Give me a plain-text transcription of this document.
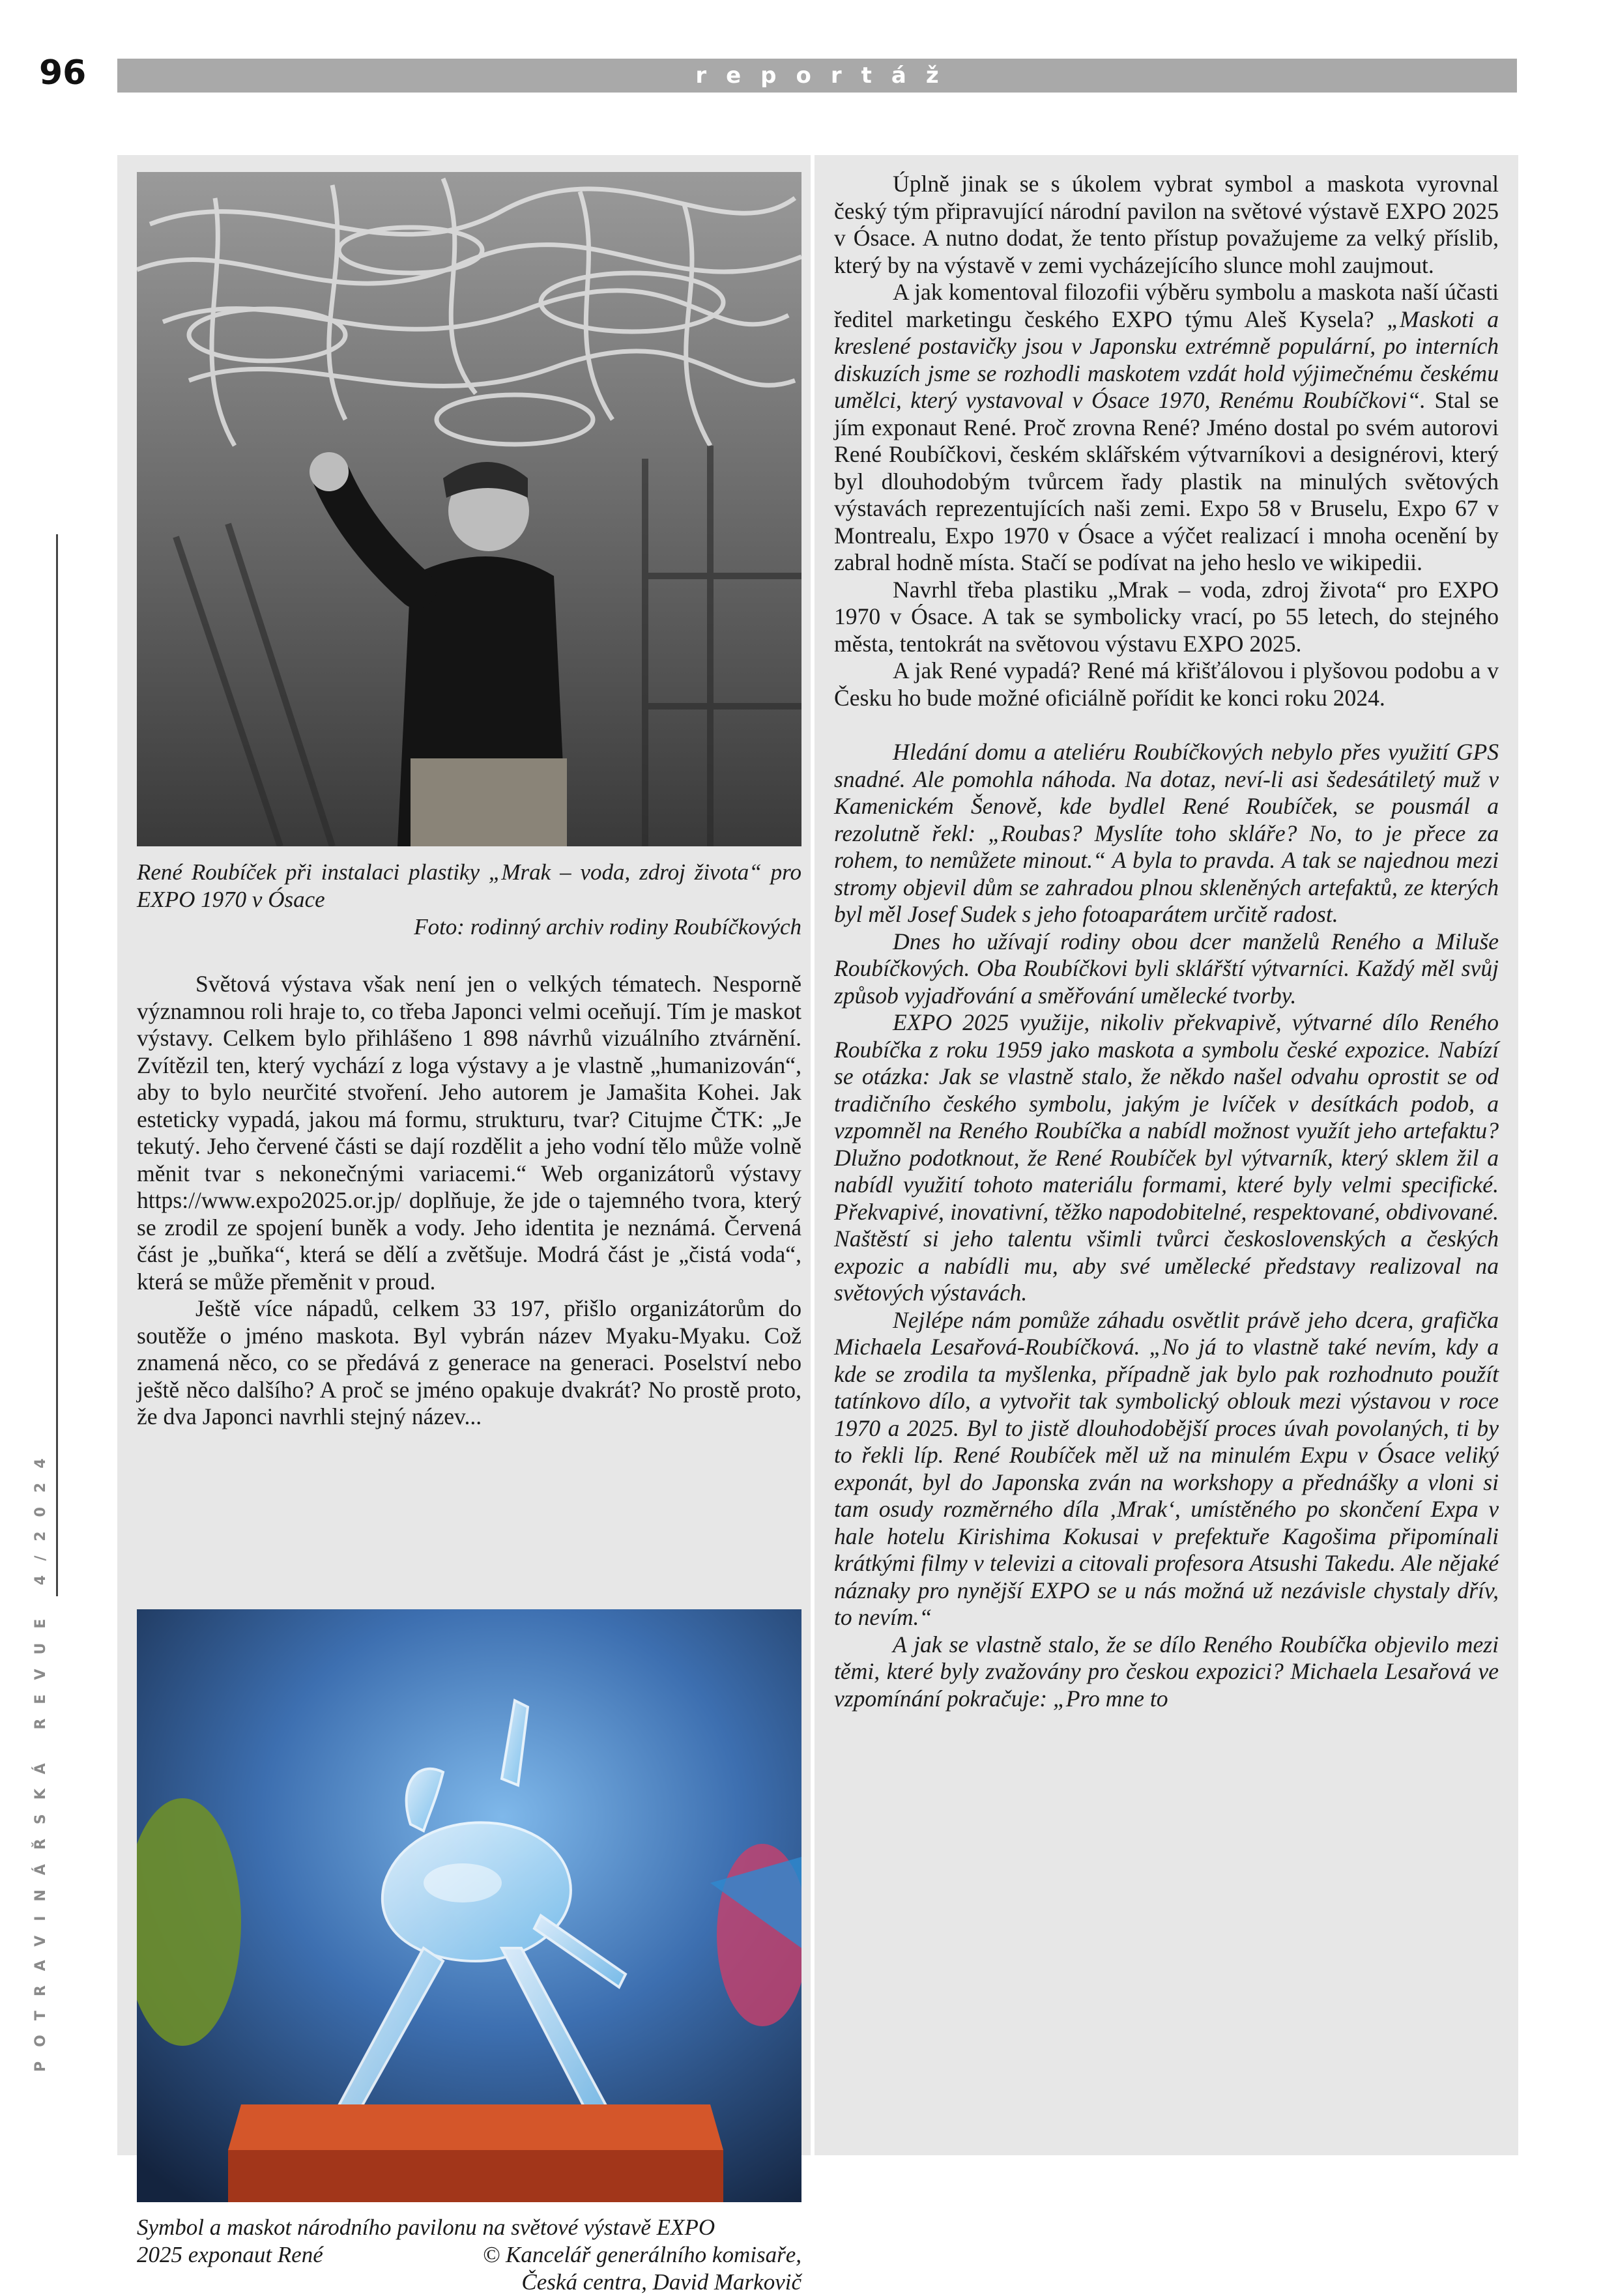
96	reportáž
POTRAVINÁŘSKÁ REVUE 4/2024

René Roubíček při instalaci plastiky „Mrak – voda, zdroj života“ pro EXPO 1970 v Ósace

Foto: rodinný archiv rodiny Roubíčkových

Světová výstava však není jen o velkých tématech. Nesporně významnou roli hraje to, co třeba Japonci velmi oceňují. Tím je maskot výstavy. Celkem bylo přihlášeno 1 898 návrhů vizuálního ztvárnění. Zvítězil ten, který vychází z loga výstavy a je vlastně „humanizován“, aby to bylo neurčité stvoření. Jeho autorem je Jamašita Kohei. Jak esteticky vypadá, jakou má formu, strukturu, tvar? Citujme ČTK: „Je tekutý. Jeho červené části se dají rozdělit a jeho vodní tělo může volně měnit tvar s nekonečnými variacemi.“ Web organizátorů výstavy https://www.expo2025.or.jp/ doplňuje, že jde o tajemného tvora, který se zrodil ze spojení buněk a vody. Jeho identita je neznámá. Červená část je „buňka“, která se dělí a zvětšuje. Modrá část je „čistá voda“, která se může přeměnit v proud.

Ještě více nápadů, celkem 33 197, přišlo organizátorům do soutěže o jméno maskota. Byl vybrán název Myaku-Myaku. Což znamená něco, co se předává z generace na generaci. Poselství nebo ještě něco dalšího? A proč se jméno opakuje dvakrát? No prostě proto, že dva Japonci navrhli stejný název...

Symbol a maskot národního pavilonu na světové výstavě EXPO

2025 exponaut René	© Kancelář generálního komisaře,

Česká centra, David Markovič

Úplně jinak se s úkolem vybrat symbol a maskota vyrovnal český tým připravující národní pavilon na světové výstavě EXPO 2025 v Ósace. A nutno dodat, že tento přístup považujeme za velký příslib, který by na výstavě v zemi vycházejícího slunce mohl zaujmout.

A jak komentoval filozofii výběru symbolu a maskota naší účasti ředitel marketingu českého EXPO týmu Aleš Kysela? „Maskoti a kreslené postavičky jsou v Japonsku extrémně populární, po interních diskuzích jsme se rozhodli maskotem vzdát hold výjimečnému českému umělci, který vystavoval v Ósace 1970, Renému Roubíčkovi“. Stal se jím exponaut René. Proč zrovna René? Jméno dostal po svém autorovi René Roubíčkovi, českém sklářském výtvarníkovi a designérovi, který byl dlouhodobým tvůrcem řady plastik na minulých světových výstavách reprezentujících naši zemi. Expo 58 v Bruselu, Expo 67 v Montrealu, Expo 1970 v Ósace a výčet realizací i mnoha ocenění by zabral hodně místa. Stačí se podívat na jeho heslo ve wikipedii.

Navrhl třeba plastiku „Mrak – voda, zdroj života“ pro EXPO 1970 v Ósace. A tak se symbolicky vrací, po 55 letech, do stejného města, tentokrát na světovou výstavu EXPO 2025.

A jak René vypadá? René má křišťálovou i plyšovou podobu a v Česku ho bude možné oficiálně pořídit ke konci roku 2024.

Hledání domu a ateliéru Roubíčkových nebylo přes využití GPS snadné. Ale pomohla náhoda. Na dotaz, neví-li asi šedesátiletý muž v Kamenickém Šenově, kde bydlel René Roubíček, se pousmál a rezolutně řekl: „Roubas? Myslíte toho skláře? No, to je přece za rohem, to nemůžete minout.“ A byla to pravda. A tak se najednou mezi stromy objevil dům se zahradou plnou skleněných artefaktů, ze kterých byl měl Josef Sudek s jeho fotoaparátem určitě radost.

Dnes ho užívají rodiny obou dcer manželů Reného a Miluše Roubíčkových. Oba Roubíčkovi byli sklářští výtvarníci. Každý měl svůj způsob vyjadřování a směřování umělecké tvorby.

EXPO 2025 využije, nikoliv překvapivě, výtvarné dílo Reného Roubíčka z roku 1959 jako maskota a symbolu české expozice. Nabízí se otázka: Jak se vlastně stalo, že někdo našel odvahu oprostit se od tradičního českého symbolu, jakým je lvíček v desítkách podob, a vzpomněl na Reného Roubíčka a nabídl možnost využít jeho artefaktu? Dlužno podotknout, že René Roubíček byl výtvarník, který sklem žil a nabídl využití tohoto materiálu formami, které byly velmi specifické. Překvapivé, inovativní, těžko napodobitelné, respektované, obdivované. Naštěstí si jeho talentu všimli tvůrci československých a českých expozic a nabídli mu, aby své umělecké představy realizoval na světových výstavách.

Nejlépe nám pomůže záhadu osvětlit právě jeho dcera, grafička Michaela Lesařová-Roubíčková. „No já to vlastně také nevím, kdy a kde se zrodila ta myšlenka, případně jak bylo pak rozhodnuto použít tatínkovo dílo, a vytvořit tak symbolický oblouk mezi výstavou v roce 1970 a 2025. Byl to jistě dlouhodobější proces úvah povolaných, ti by to řekli líp. René Roubíček měl už na minulém Expu v Ósace veliký exponát, byl do Japonska zván na workshopy a přednášky a vloni si tam osudy rozměrného díla ‚Mrak‘, umístěného po skončení Expa v hale hotelu Kirishima Kokusai v prefektuře Kagošima připomínali krátkými filmy v televizi a citovali profesora Atsushi Takedu. Ale nějaké náznaky pro nynější EXPO se u nás možná už nezávisle chystaly dřív, to nevím.“

A jak se vlastně stalo, že se dílo Reného Roubíčka objevilo mezi těmi, které byly zvažovány pro českou expozici? Michaela Lesařová ve vzpomínání pokračuje: „Pro mne to
